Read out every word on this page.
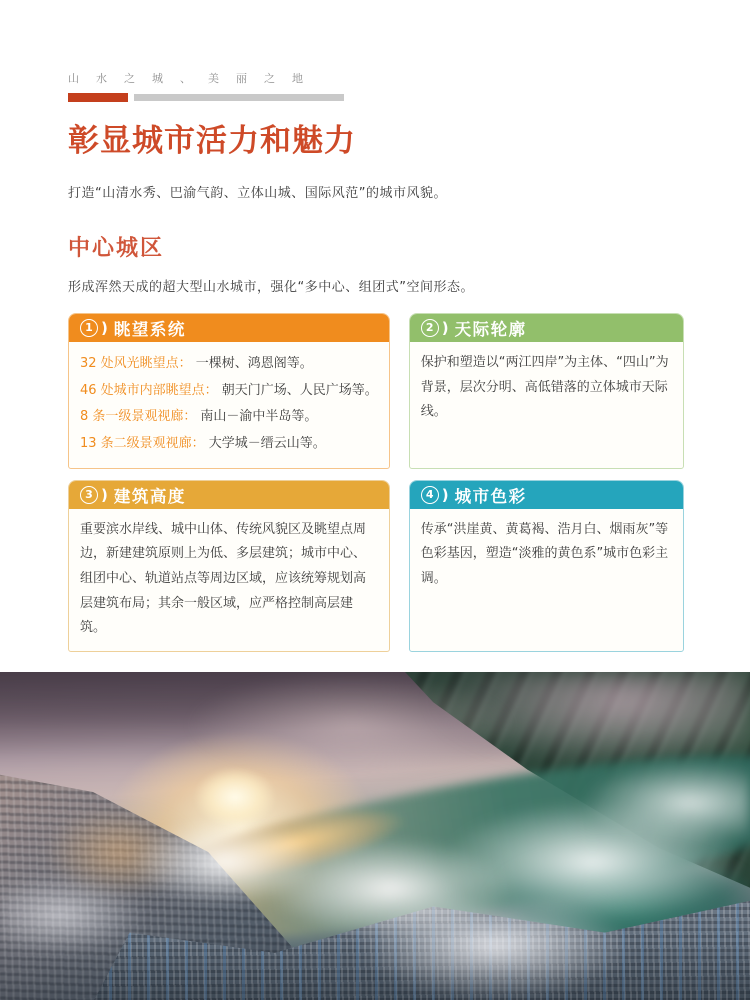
山水之城、美丽之地
彰显城市活力和魅力
打造“山清水秀、巴渝气韵、立体山城、国际风范”的城市风貌。
中心城区
形成浑然天成的超大型山水城市，强化“多中心、组团式”空间形态。
1 ) 眺望系统
32 处风光眺望点： 一棵树、鸿恩阁等。
46 处城市内部眺望点： 朝天门广场、人民广场等。
8 条一级景观视廊： 南山－渝中半岛等。
13 条二级景观视廊： 大学城－缙云山等。
2 ) 天际轮廓
保护和塑造以“两江四岸”为主体、“四山”为背景，层次分明、高低错落的立体城市天际线。
3 ) 建筑高度
重要滨水岸线、城中山体、传统风貌区及眺望点周边，新建建筑原则上为低、多层建筑；城市中心、组团中心、轨道站点等周边区域，应该统筹规划高层建筑布局；其余一般区域，应严格控制高层建筑。
4 ) 城市色彩
传承“洪崖黄、黄葛褐、浩月白、烟雨灰”等色彩基因，塑造“淡雅的黄色系”城市色彩主调。
